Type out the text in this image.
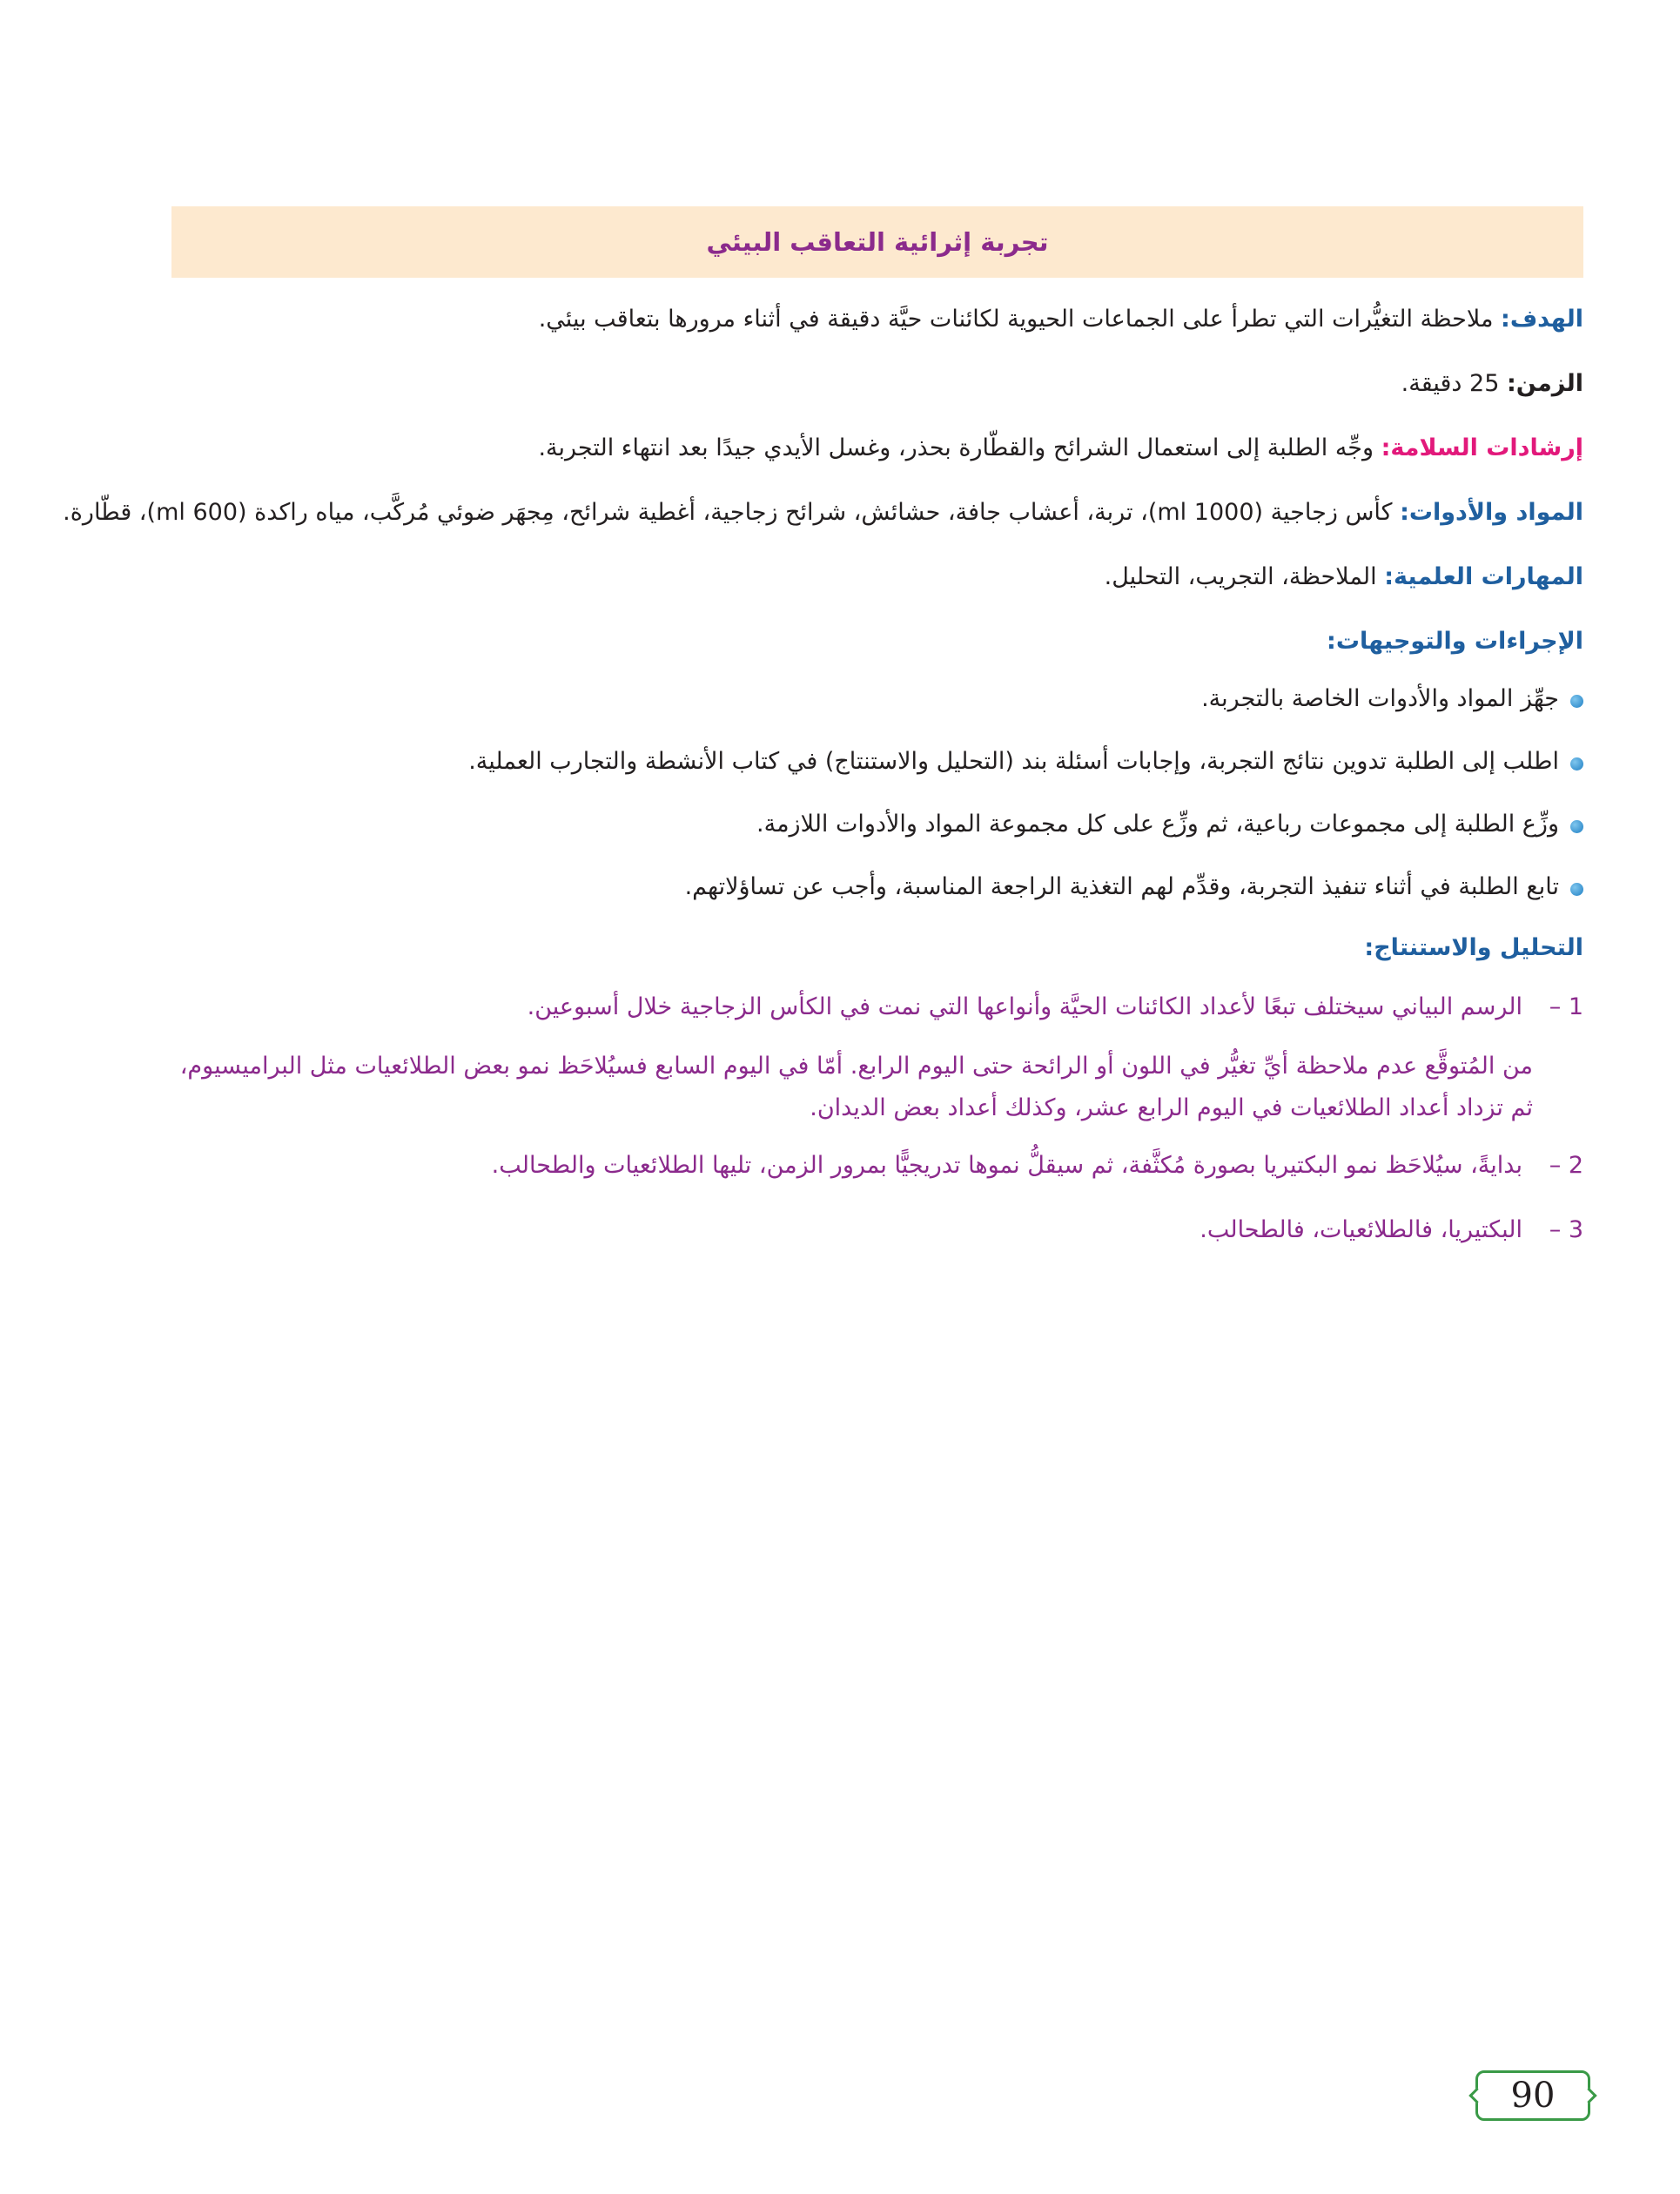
تجربة إثرائية التعاقب البيئي

الهدف: ملاحظة التغيُّرات التي تطرأ على الجماعات الحيوية لكائنات حيَّة دقيقة في أثناء مرورها بتعاقب بيئي.

الزمن: 25 دقيقة.

إرشادات السلامة: وجِّه الطلبة إلى استعمال الشرائح والقطّارة بحذر، وغسل الأيدي جيدًا بعد انتهاء التجربة.

المواد والأدوات: كأس زجاجية (1000 ml)، تربة، أعشاب جافة، حشائش، شرائح زجاجية، أغطية شرائح، مِجهَر ضوئي مُركَّب، مياه راكدة (600 ml)، قطّارة.

المهارات العلمية: الملاحظة، التجريب، التحليل.

الإجراءات والتوجيهات:

جهِّز المواد والأدوات الخاصة بالتجربة.
اطلب إلى الطلبة تدوين نتائج التجربة، وإجابات أسئلة بند (التحليل والاستنتاج) في كتاب الأنشطة والتجارب العملية.
وزِّع الطلبة إلى مجموعات رباعية، ثم وزِّع على كل مجموعة المواد والأدوات اللازمة.
تابع الطلبة في أثناء تنفيذ التجربة، وقدِّم لهم التغذية الراجعة المناسبة، وأجب عن تساؤلاتهم.

التحليل والاستنتاج:

1 –الرسم البياني سيختلف تبعًا لأعداد الكائنات الحيَّة وأنواعها التي نمت في الكأس الزجاجية خلال أسبوعين.

من المُتوقَّع عدم ملاحظة أيِّ تغيُّر في اللون أو الرائحة حتى اليوم الرابع. أمّا في اليوم السابع فسيُلاحَظ نمو بعض الطلائعيات مثل البراميسيوم،

ثم تزداد أعداد الطلائعيات في اليوم الرابع عشر، وكذلك أعداد بعض الديدان.

2 –بدايةً، سيُلاحَظ نمو البكتيريا بصورة مُكثَّفة، ثم سيقلُّ نموها تدريجيًّا بمرور الزمن، تليها الطلائعيات والطحالب.

3 –البكتيريا، فالطلائعيات، فالطحالب.

90
